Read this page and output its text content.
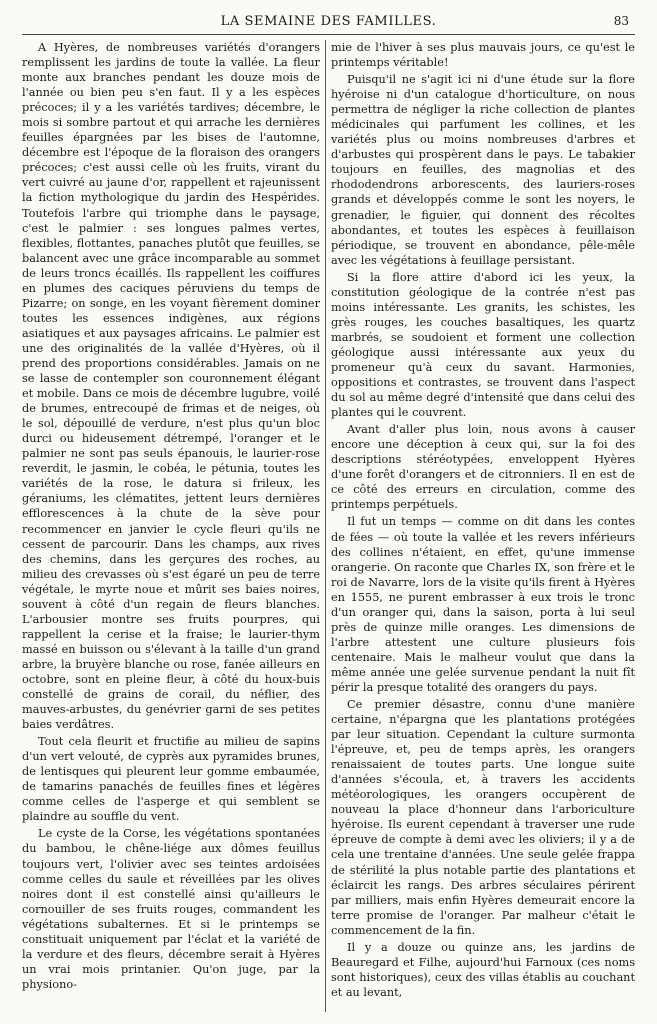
LA SEMAINE DES FAMILLES.	83

A Hyères, de nombreuses variétés d'orangers remplissent les jardins de toute la vallée. La fleur monte aux branches pendant les douze mois de l'année ou bien peu s'en faut. Il y a les espèces précoces; il y a les variétés tardives; décembre, le mois si sombre partout et qui arrache les dernières feuilles épargnées par les bises de l'automne, décembre est l'époque de la floraison des orangers précoces; c'est aussi celle où les fruits, virant du vert cuivré au jaune d'or, rappellent et rajeunissent la fiction mythologique du jardin des Hespérides. Toutefois l'arbre qui triomphe dans le paysage, c'est le palmier : ses longues palmes vertes, flexibles, flottantes, panaches plutôt que feuilles, se balancent avec une grâce incomparable au sommet de leurs troncs écaillés. Ils rappellent les coiffures en plumes des caciques péruviens du temps de Pizarre; on songe, en les voyant fièrement dominer toutes les essences indigènes, aux régions asiatiques et aux paysages africains. Le palmier est une des originalités de la vallée d'Hyères, où il prend des proportions considérables. Jamais on ne se lasse de contempler son couronnement élégant et mobile. Dans ce mois de décembre lugubre, voilé de brumes, entrecoupé de frimas et de neiges, où le sol, dépouillé de verdure, n'est plus qu'un bloc durci ou hideusement détrempé, l'oranger et le palmier ne sont pas seuls épanouis, le laurier-rose reverdit, le jasmin, le cobéa, le pétunia, toutes les variétés de la rose, le datura si frileux, les géraniums, les clématites, jettent leurs dernières efflorescences à la chute de la sève pour recommencer en janvier le cycle fleuri qu'ils ne cessent de parcourir. Dans les champs, aux rives des chemins, dans les gerçures des roches, au milieu des crevasses où s'est égaré un peu de terre végétale, le myrte noue et mûrit ses baies noires, souvent à côté d'un regain de fleurs blanches. L'arbousier montre ses fruits pourpres, qui rappellent la cerise et la fraise; le laurier-thym massé en buisson ou s'élevant à la taille d'un grand arbre, la bruyère blanche ou rose, fanée ailleurs en octobre, sont en pleine fleur, à côté du houx-buis constellé de grains de corail, du néflier, des mauves-arbustes, du genévrier garni de ses petites baies verdâtres.

Tout cela fleurit et fructifie au milieu de sapins d'un vert velouté, de cyprès aux pyramides brunes, de lentisques qui pleurent leur gomme embaumée, de tamarins panachés de feuilles fines et légères comme celles de l'asperge et qui semblent se plaindre au souffle du vent.

Le cyste de la Corse, les végétations spontanées du bambou, le chêne-liége aux dômes feuillus toujours vert, l'olivier avec ses teintes ardoisées comme celles du saule et réveillées par les olives noires dont il est constellé ainsi qu'ailleurs le cornouiller de ses fruits rouges, commandent les végétations subalternes. Et si le printemps se constituait uniquement par l'éclat et la variété de la verdure et des fleurs, décembre serait à Hyères un vrai mois printanier. Qu'on juge, par la physiono-

mie de l'hiver à ses plus mauvais jours, ce qu'est le printemps véritable!

Puisqu'il ne s'agit ici ni d'une étude sur la flore hyéroise ni d'un catalogue d'horticulture, on nous permettra de négliger la riche collection de plantes médicinales qui parfument les collines, et les variétés plus ou moins nombreuses d'arbres et d'arbustes qui prospèrent dans le pays. Le tabakier toujours en feuilles, des magnolias et des rhododendrons arborescents, des lauriers-roses grands et développés comme le sont les noyers, le grenadier, le figuier, qui donnent des récoltes abondantes, et toutes les espèces à feuillaison périodique, se trouvent en abondance, pêle-mêle avec les végétations à feuillage persistant.

Si la flore attire d'abord ici les yeux, la constitution géologique de la contrée n'est pas moins intéressante. Les granits, les schistes, les grès rouges, les couches basaltiques, les quartz marbrés, se soudoient et forment une collection géologique aussi intéressante aux yeux du promeneur qu'à ceux du savant. Harmonies, oppositions et contrastes, se trouvent dans l'aspect du sol au même degré d'intensité que dans celui des plantes qui le couvrent.

Avant d'aller plus loin, nous avons à causer encore une déception à ceux qui, sur la foi des descriptions stéréotypées, enveloppent Hyères d'une forêt d'orangers et de citronniers. Il en est de ce côté des erreurs en circulation, comme des printemps perpétuels.

Il fut un temps — comme on dit dans les contes de fées — où toute la vallée et les revers inférieurs des collines n'étaient, en effet, qu'une immense orangerie. On raconte que Charles IX, son frère et le roi de Navarre, lors de la visite qu'ils firent à Hyères en 1555, ne purent embrasser à eux trois le tronc d'un oranger qui, dans la saison, porta à lui seul près de quinze mille oranges. Les dimensions de l'arbre attestent une culture plusieurs fois centenaire. Mais le malheur voulut que dans la même année une gelée survenue pendant la nuit fît périr la presque totalité des orangers du pays.

Ce premier désastre, connu d'une manière certaine, n'épargna que les plantations protégées par leur situation. Cependant la culture surmonta l'épreuve, et, peu de temps après, les orangers renaissaient de toutes parts. Une longue suite d'années s'écoula, et, à travers les accidents météorologiques, les orangers occupèrent de nouveau la place d'honneur dans l'arboriculture hyéroise. Ils eurent cependant à traverser une rude épreuve de compte à demi avec les oliviers; il y a de cela une trentaine d'années. Une seule gelée frappa de stérilité la plus notable partie des plantations et éclaircit les rangs. Des arbres séculaires périrent par milliers, mais enfin Hyères demeurait encore la terre promise de l'oranger. Par malheur c'était le commencement de la fin.

Il y a douze ou quinze ans, les jardins de Beauregard et Filhe, aujourd'hui Farnoux (ces noms sont historiques), ceux des villas établis au couchant et au levant,
